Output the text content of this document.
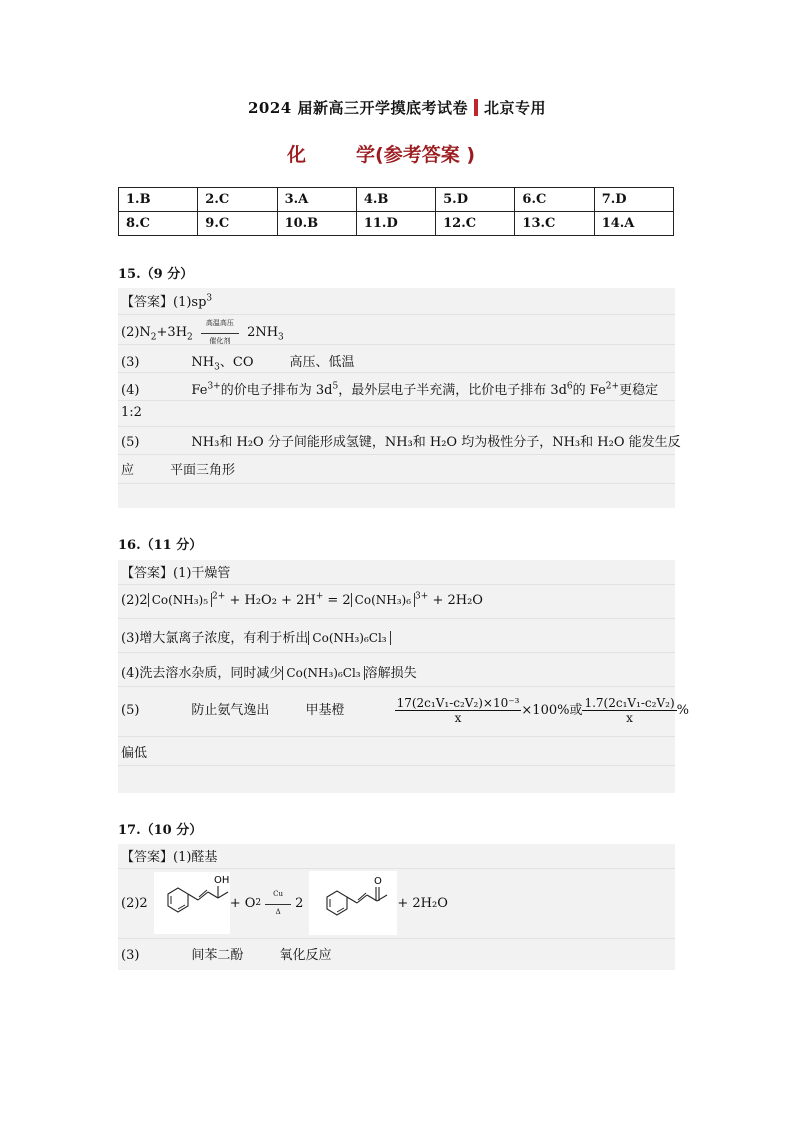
2024 届新高三开学摸底考试卷 北京专用
化	学(参考答案 )
1.B	2.C	3.A	4.B	5.D	6.C	7.D
8.C	9.C	10.B	11.D	12.C	13.C	14.A
15.（9 分）
【答案】$(1)sp^3$
$(2)N_2+3H_2$ 高温高压

催化剂 $2NH_3$
(3)	$NH_3$、CO	高压、低温
(4)	$Fe^{3+}$的价电子排布为 $3d^5$，最外层电子半充满，比价电子排布 $3d^6$的 $Fe^{2+}$更稳定
1:2
(5)	NH₃和 H₂O 分子间能形成氢键，NH₃和 H₂O 均为极性分子，NH₃和 H₂O 能发生反
应	平面三角形
16.（11 分）
【答案】(1)干燥管
(2)2 Co(NH₃)₅ $^{2+}$ + H₂O₂ + 2H+ = 2 Co(NH₃)₆ $^{3+}$ + 2H₂O
(3)增大氯离子浓度，有利于析出 Co(NH₃)₆Cl₃
(4)洗去溶水杂质，同时减少 Co(NH₃)₆Cl₃ 溶解损失
(5)	防止氨气逸出	甲基橙	$\frac{\text{17(2c₁V₁-c₂V₂)×10⁻³}}{x} \times 100\%$或 $\frac{\text{1.7(2c₁V₁-c₂V₂)}}{x}$ %
偏低
17.（10 分）
【答案】(1)醛基
(2)2
OH
+ O 2
Cu

Δ
2
O
+ 2H₂O
(3)	间苯二酚	氧化反应
